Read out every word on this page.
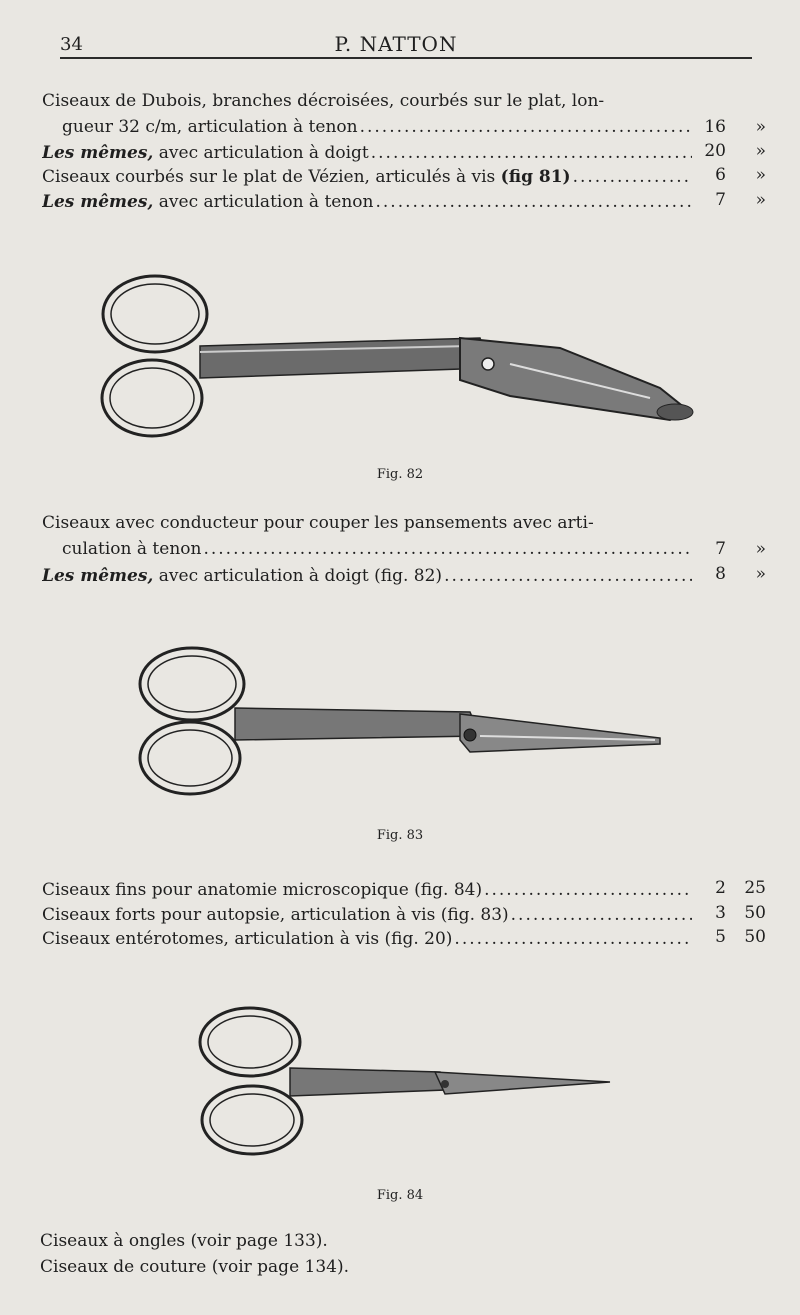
34	P. NATTON
Ciseaux de Dubois, branches décroisées, courbés sur le plat, lon-
gueur 32 c/m, articulation à tenon .....	16	»
Les mêmes,
avec articulation à doigt .....	20	»
Ciseaux courbés sur le plat de Vézien, articulés à vis
(fig 81) .....	6	»
Les mêmes,
avec articulation à tenon .....	7	»
Fig. 82
Ciseaux avec conducteur pour couper les pansements avec arti-
culation à tenon .....	7	»
Les mêmes,
avec articulation à doigt (fig. 82) .....	8	»
Fig. 83
Ciseaux fins pour anatomie microscopique (fig. 84) .....	2	25
Ciseaux forts pour autopsie, articulation à vis (fig. 83) .....	3	50
Ciseaux entérotomes, articulation à vis (fig. 20) .....	5	50
Fig. 84
Ciseaux à ongles (voir page 133).
Ciseaux de couture (voir page 134).
